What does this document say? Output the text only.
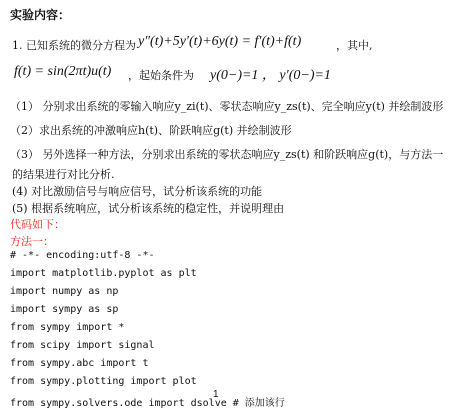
实验内容：
1. 已知系统的微分方程为 y″(t)+5y′(t)+6y(t) = f′(t)+f(t)	，其中,
f(t) = sin(2πt)u(t) ，起始条件为 y(0−)=1 ， y′(0−)=1
（1） 分别求出系统的零输入响应y_zi(t)、零状态响应y_zs(t)、完全响应y(t) 并绘制波形
（2）求出系统的冲激响应h(t)、阶跃响应g(t) 并绘制波形
（3） 另外选择一种方法，分别求出系统的零状态响应y_zs(t) 和阶跃响应g(t)，与方法一
的结果进行对比分析.
(4) 对比激励信号与响应信号，试分析该系统的功能
(5) 根据系统响应，试分析该系统的稳定性，并说明理由
代码如下：
方法一：
# -*- encoding:utf-8 -*-
import matplotlib.pyplot as plt
import numpy as np
import sympy as sp
from sympy import *
from scipy import signal
from sympy.abc import t
from sympy.plotting import plot
from sympy.solvers.ode import dsolve # 添加该行
1
